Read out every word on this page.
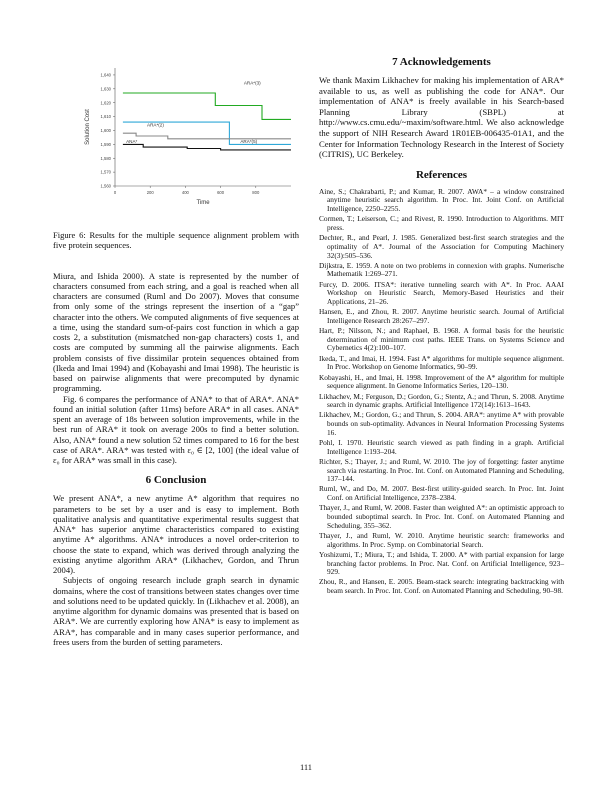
1,560
1,570
1,580
1,590
1,600
1,610
1,620
1,630
1,640
0	200	400	600	800
Time
Solution Cost
ARA*(3)
ARA*(2)
ANA*	ARA*(5)
Figure 6: Results for the multiple sequence alignment problem with five protein sequences.

Miura, and Ishida 2000). A state is represented by the number of characters consumed from each string, and a goal is reached when all characters are consumed (Ruml and Do 2007). Moves that consume from only some of the strings represent the insertion of a “gap” character into the others. We computed alignments of five sequences at a time, using the standard sum-of-pairs cost function in which a gap costs 2, a substitution (mismatched non-gap characters) costs 1, and costs are computed by summing all the pairwise alignments. Each problem consists of five dissimilar protein sequences obtained from (Ikeda and Imai 1994) and (Kobayashi and Imai 1998). The heuristic is based on pairwise alignments that were precomputed by dynamic programming.

Fig. 6 compares the performance of ANA* to that of ARA*. ANA* found an initial solution (after 11ms) before ARA* in all cases. ANA* spent an average of 18s between solution improvements, while in the best run of ARA* it took on average 200s to find a better solution. Also, ANA* found a new solution 52 times compared to 16 for the best case of ARA*. ARA* was tested with ε₀ ∈ [2, 100] (the ideal value of ε₀ for ARA* was small in this case).

6 Conclusion

We present ANA*, a new anytime A* algorithm that requires no parameters to be set by a user and is easy to implement. Both qualitative analysis and quantitative experimental results suggest that ANA* has superior anytime characteristics compared to existing anytime A* algorithms. ANA* introduces a novel order-criterion to choose the state to expand, which was derived through analyzing the existing anytime algorithm ARA* (Likhachev, Gordon, and Thrun 2004).

Subjects of ongoing research include graph search in dynamic domains, where the cost of transitions between states changes over time and solutions need to be updated quickly. In (Likhachev et al. 2008), an anytime algorithm for dynamic domains was presented that is based on ARA*. We are currently exploring how ANA* is easy to implement as ARA*, has comparable and in many cases superior performance, and frees users from the burden of setting parameters.

7 Acknowledgements

We thank Maxim Likhachev for making his implementation of ARA* available to us, as well as publishing the code for ANA*. Our implementation of ANA* is freely available in his Search-based Planning Library (SBPL) at http://www.cs.cmu.edu/~maxim/software.html. We also acknowledge the support of NIH Research Award 1R01EB-006435-01A1, and the Center for Information Technology Research in the Interest of Society (CITRIS), UC Berkeley.

References

Aine, S.; Chakrabarti, P.; and Kumar, R. 2007. AWA* – a window constrained anytime heuristic search algorithm. In Proc. Int. Joint Conf. on Artificial Intelligence, 2250–2255.

Cormen, T.; Leiserson, C.; and Rivest, R. 1990. Introduction to Algorithms. MIT press.

Dechter, R., and Pearl, J. 1985. Generalized best-first search strategies and the optimality of A*. Journal of the Association for Computing Machinery 32(3):505–536.

Dijkstra, E. 1959. A note on two problems in connexion with graphs. Numerische Mathematik 1:269–271.

Furcy, D. 2006. ITSA*: iterative tunneling search with A*. In Proc. AAAI Workshop on Heuristic Search, Memory-Based Heuristics and their Applications, 21–26.

Hansen, E., and Zhou, R. 2007. Anytime heuristic search. Journal of Artificial Intelligence Research 28:267–297.

Hart, P.; Nilsson, N.; and Raphael, B. 1968. A formal basis for the heuristic determination of minimum cost paths. IEEE Trans. on Systems Science and Cybernetics 4(2):100–107.

Ikeda, T., and Imai, H. 1994. Fast A* algorithms for multiple sequence alignment. In Proc. Workshop on Genome Informatics, 90–99.

Kobayashi, H., and Imai, H. 1998. Improvement of the A* algorithm for multiple sequence alignment. In Genome Informatics Series, 120–130.

Likhachev, M.; Ferguson, D.; Gordon, G.; Stentz, A.; and Thrun, S. 2008. Anytime search in dynamic graphs. Artificial Intelligence 172(14):1613–1643.

Likhachev, M.; Gordon, G.; and Thrun, S. 2004. ARA*: anytime A* with provable bounds on sub-optimality. Advances in Neural Information Processing Systems 16.

Pohl, I. 1970. Heuristic search viewed as path finding in a graph. Artificial Intelligence 1:193–204.

Richter, S.; Thayer, J.; and Ruml, W. 2010. The joy of forgetting: faster anytime search via restarting. In Proc. Int. Conf. on Automated Planning and Scheduling, 137–144.

Ruml, W., and Do, M. 2007. Best-first utility-guided search. In Proc. Int. Joint Conf. on Artificial Intelligence, 2378–2384.

Thayer, J., and Ruml, W. 2008. Faster than weighted A*: an optimistic approach to bounded suboptimal search. In Proc. Int. Conf. on Automated Planning and Scheduling, 355–362.

Thayer, J., and Ruml, W. 2010. Anytime heuristic search: frameworks and algorithms. In Proc. Symp. on Combinatorial Search.

Yoshizumi, T.; Miura, T.; and Ishida, T. 2000. A* with partial expansion for large branching factor problems. In Proc. Nat. Conf. on Artificial Intelligence, 923–929.

Zhou, R., and Hansen, E. 2005. Beam-stack search: integrating backtracking with beam search. In Proc. Int. Conf. on Automated Planning and Scheduling, 90–98.

111
